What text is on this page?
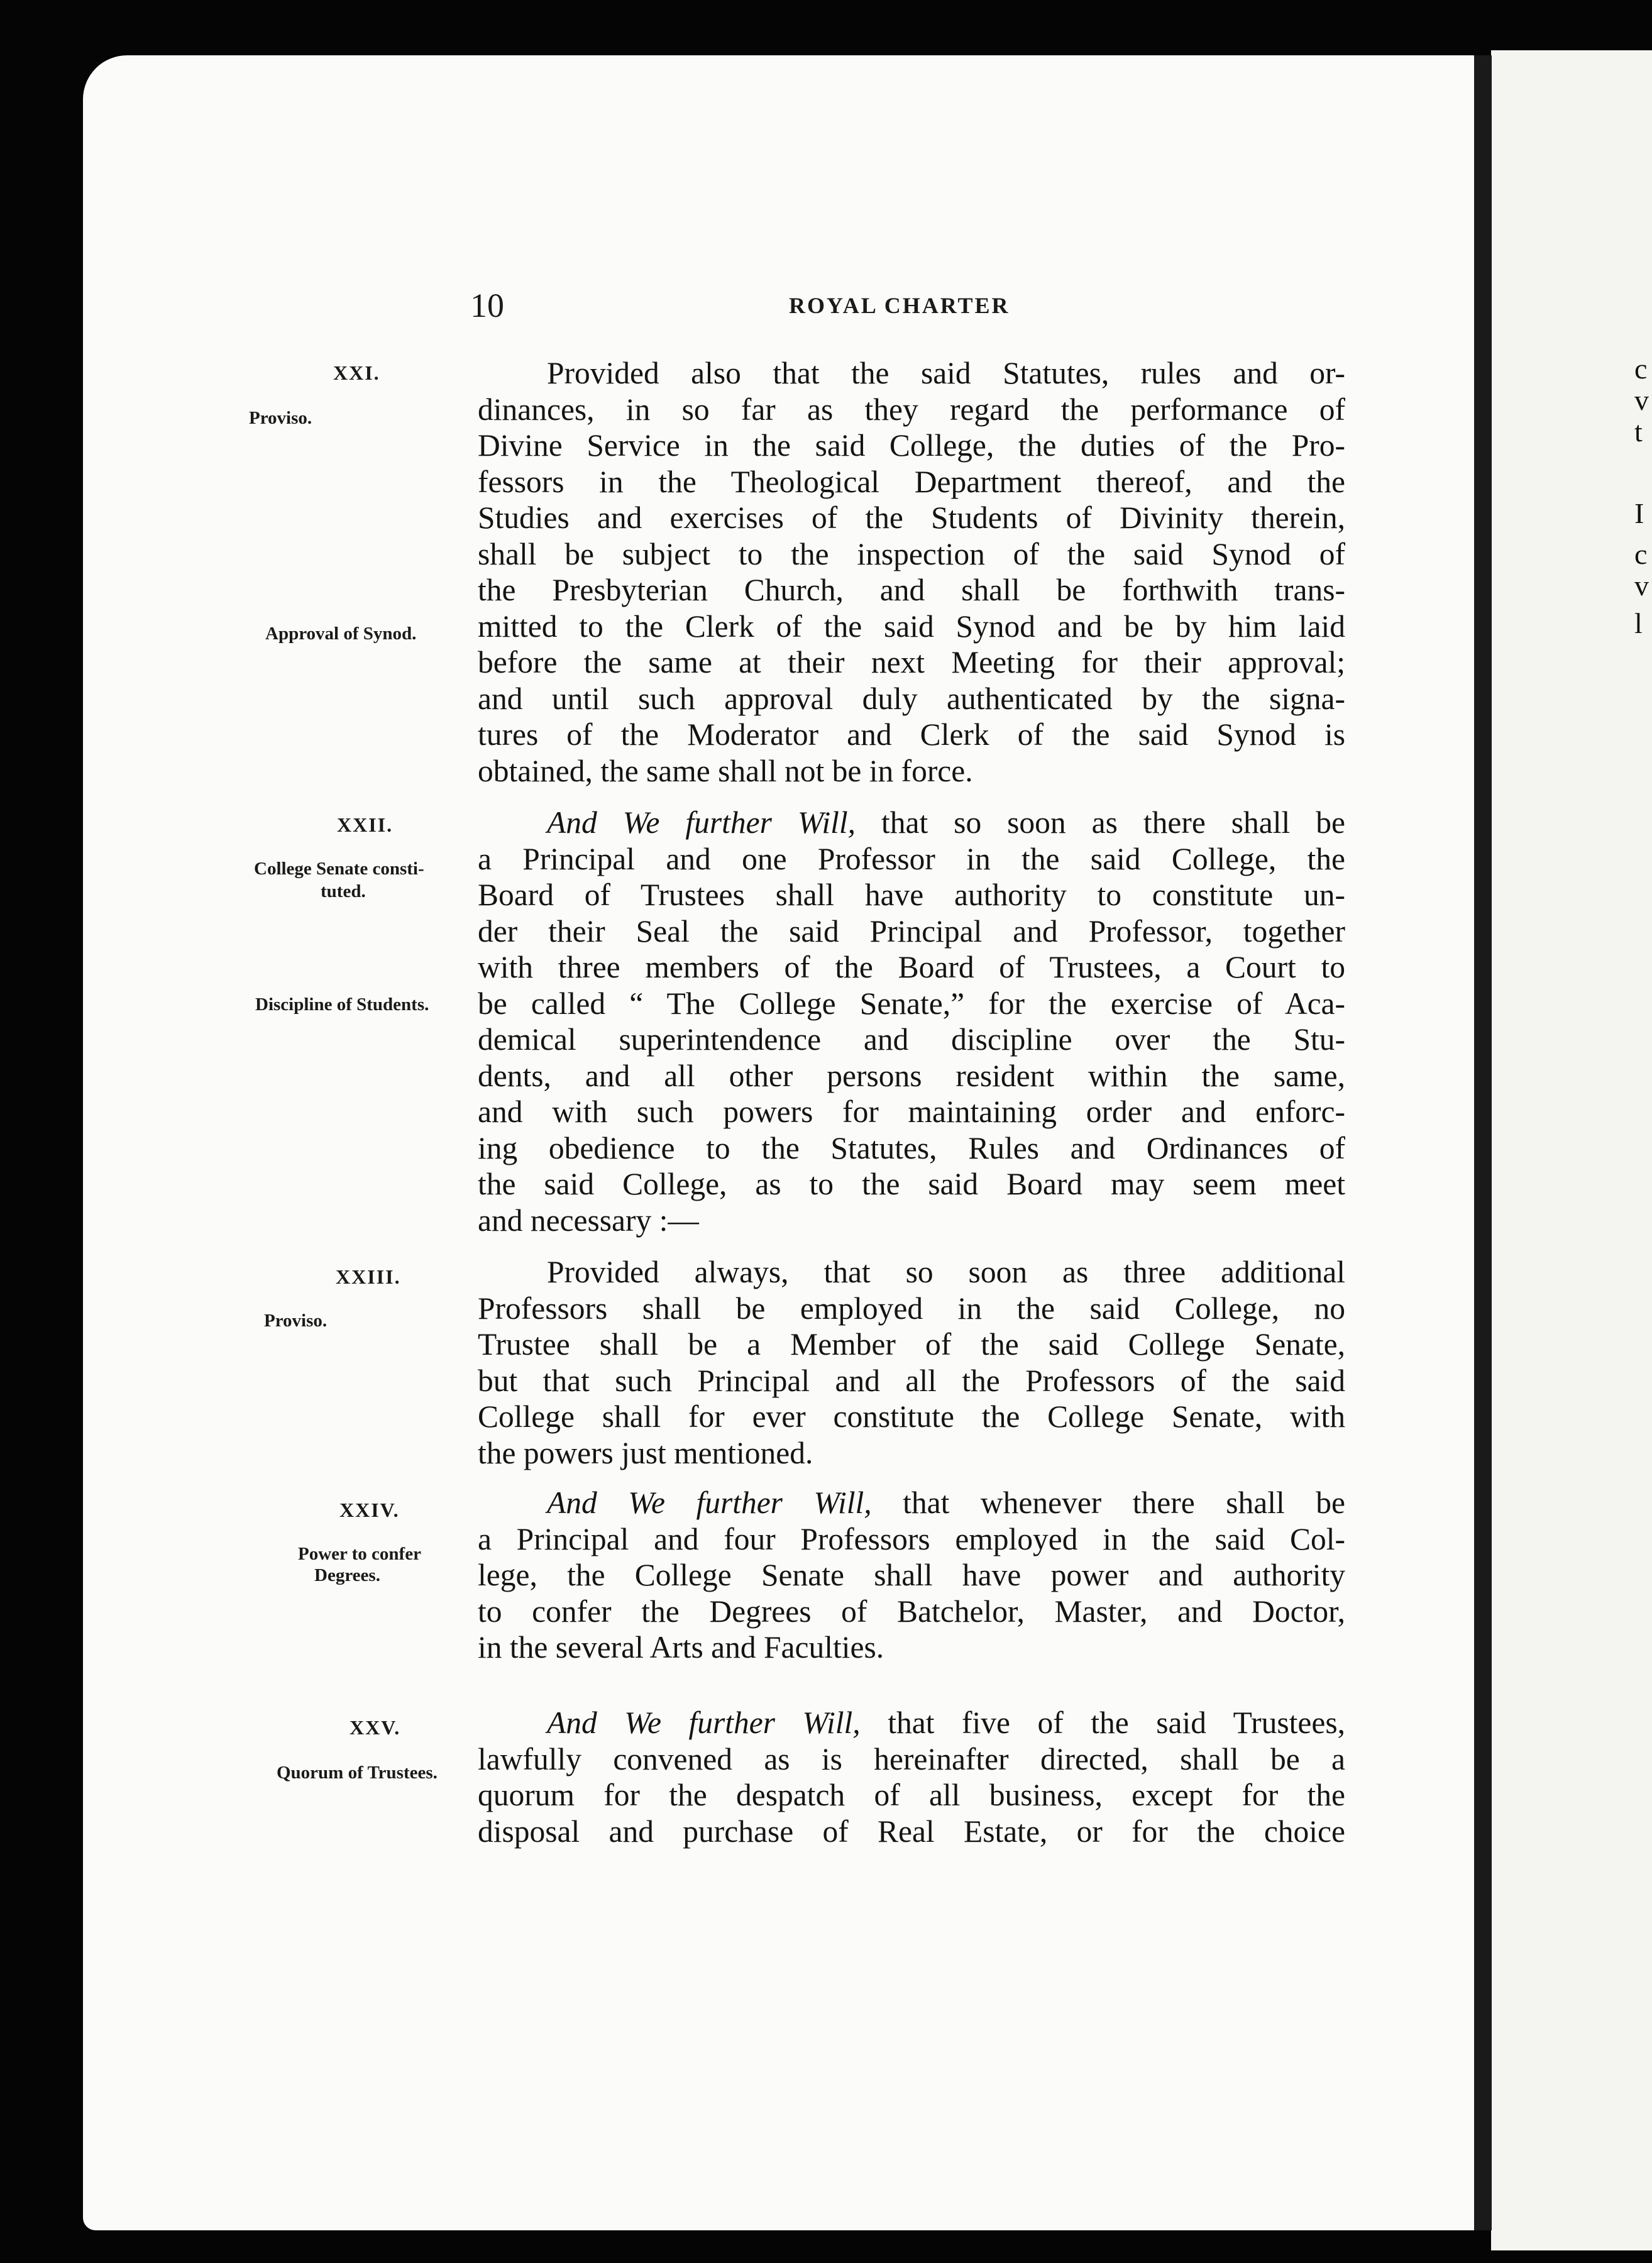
10	ROYAL CHARTER
XXI.
Proviso.
Approval of Synod.
Provided also that the said Statutes, rules and or-
dinances, in so far as they regard the performance of
Divine Service in the said College, the duties of the Pro-
fessors in the Theological Department thereof, and the
Studies and exercises of the Students of Divinity therein,
shall be subject to the inspection of the said Synod of
the Presbyterian Church, and shall be forthwith trans-
mitted to the Clerk of the said Synod and be by him laid
before the same at their next Meeting for their approval;
and until such approval duly authenticated by the signa-
tures of the Moderator and Clerk of the said Synod is
obtained, the same shall not be in force.
XXII.
College Senate consti-
tuted.
Discipline of Students.
And We further Will, that so soon as there shall be
a Principal and one Professor in the said College, the
Board of Trustees shall have authority to constitute un-
der their Seal the said Principal and Professor, together
with three members of the Board of Trustees, a Court to
be called “ The College Senate,” for the exercise of Aca-
demical superintendence and discipline over the Stu-
dents, and all other persons resident within the same,
and with such powers for maintaining order and enforc-
ing obedience to the Statutes, Rules and Ordinances of
the said College, as to the said Board may seem meet
and necessary :—
XXIII.
Proviso.
Provided always, that so soon as three additional
Professors shall be employed in the said College, no
Trustee shall be a Member of the said College Senate,
but that such Principal and all the Professors of the said
College shall for ever constitute the College Senate, with
the powers just mentioned.
XXIV.
Power to confer
Degrees.
And We further Will, that whenever there shall be
a Principal and four Professors employed in the said Col-
lege, the College Senate shall have power and authority
to confer the Degrees of Batchelor, Master, and Doctor,
in the several Arts and Faculties.
XXV.
Quorum of Trustees.
And We further Will, that five of the said Trustees,
lawfully convened as is hereinafter directed, shall be a
quorum for the despatch of all business, except for the
disposal and purchase of Real Estate, or for the choice
c
v
t
I
c
v
l
